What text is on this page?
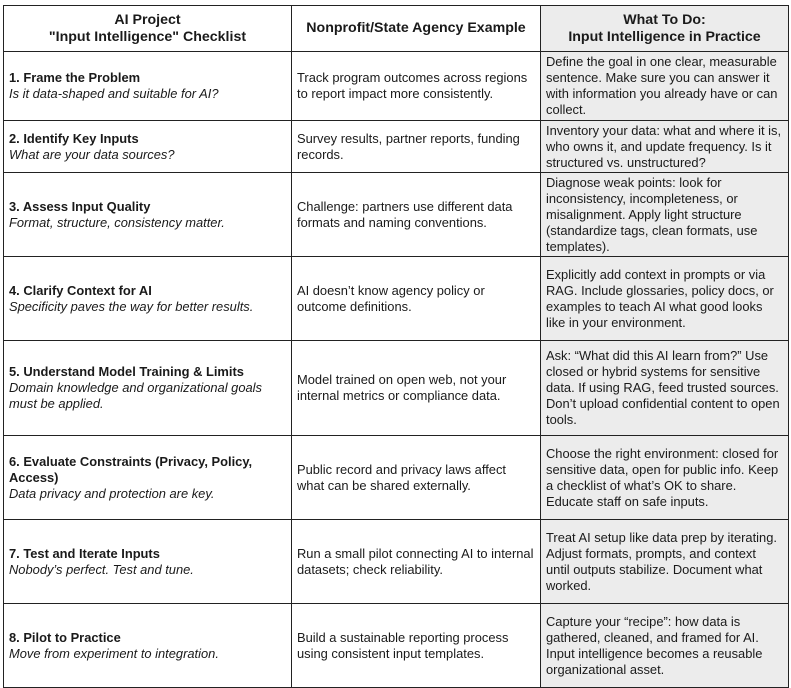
AI Project
"Input Intelligence" Checklist	Nonprofit/State Agency Example	What To Do:
Input Intelligence in Practice

1. Frame the Problem
Is it data-shaped and suitable for AI?	Track program outcomes across regions to report impact more consistently.	Define the goal in one clear, measurable sentence. Make sure you can answer it with information you already have or can collect.

2. Identify Key Inputs
What are your data sources?	Survey results, partner reports, funding records.	Inventory your data: what and where it is, who owns it, and update frequency. Is it structured vs. unstructured?

3. Assess Input Quality
Format, structure, consistency matter.	Challenge: partners use different data formats and naming conventions.	Diagnose weak points: look for inconsistency, incompleteness, or misalignment. Apply light structure (standardize tags, clean formats, use templates).

4. Clarify Context for AI
Specificity paves the way for better results.	AI doesn’t know agency policy or outcome definitions.	Explicitly add context in prompts or via RAG. Include glossaries, policy docs, or examples to teach AI what good looks like in your environment.

5. Understand Model Training & Limits
Domain knowledge and organizational goals must be applied.	Model trained on open web, not your internal metrics or compliance data.	Ask: “What did this AI learn from?” Use closed or hybrid systems for sensitive data. If using RAG, feed trusted sources. Don’t upload confidential content to open tools.

6. Evaluate Constraints (Privacy, Policy, Access)
Data privacy and protection are key.	Public record and privacy laws affect what can be shared externally.	Choose the right environment: closed for sensitive data, open for public info. Keep a checklist of what’s OK to share. Educate staff on safe inputs.

7. Test and Iterate Inputs
Nobody’s perfect. Test and tune.	Run a small pilot connecting AI to internal datasets; check reliability.	Treat AI setup like data prep by iterating. Adjust formats, prompts, and context until outputs stabilize. Document what worked.

8. Pilot to Practice
Move from experiment to integration.	Build a sustainable reporting process using consistent input templates.	Capture your “recipe”: how data is gathered, cleaned, and framed for AI. Input intelligence becomes a reusable organizational asset.
